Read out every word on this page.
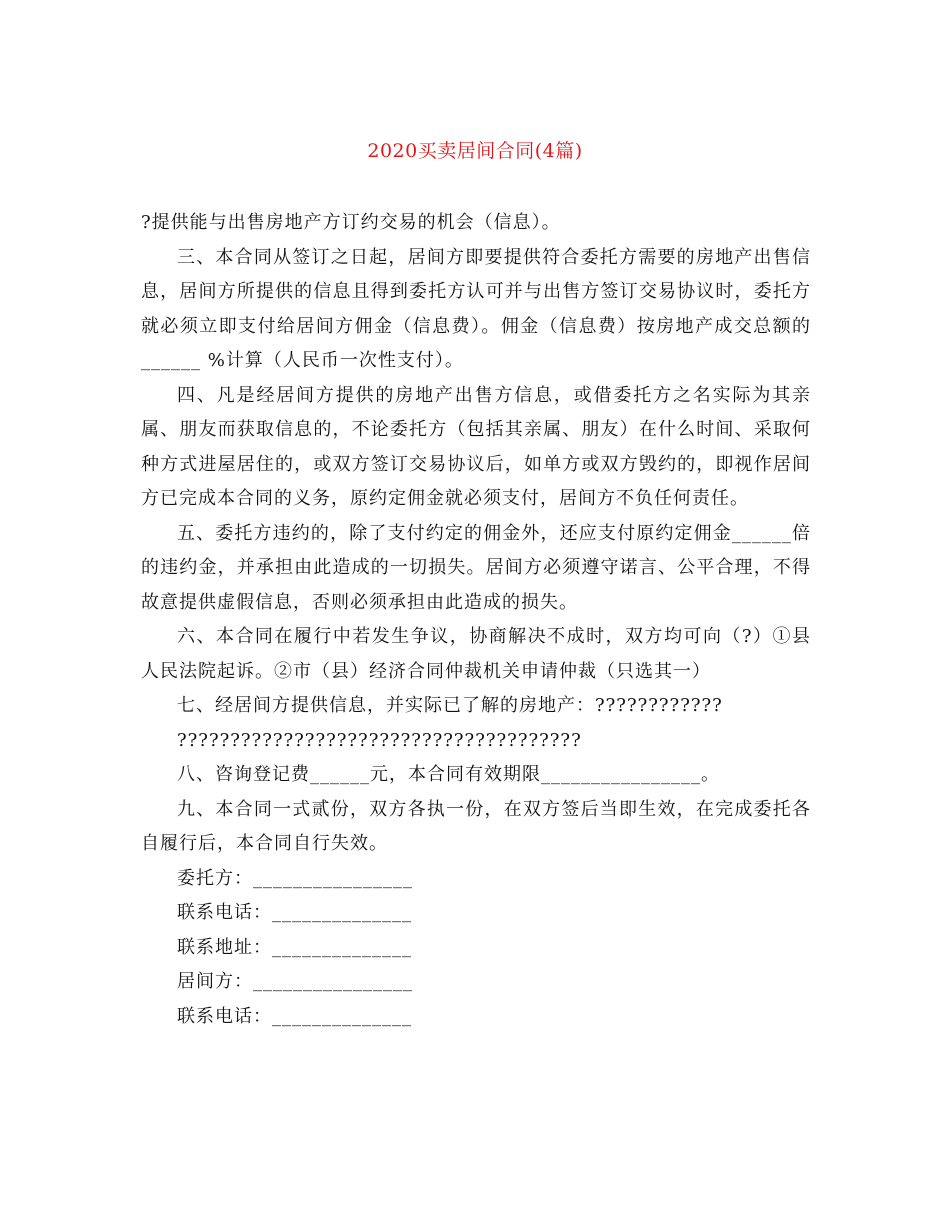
2020买卖居间合同(4篇)

?提供能与出售房地产方订约交易的机会（信息）。

三、本合同从签订之日起，居间方即要提供符合委托方需要的房地产出售信息，居间方所提供的信息且得到委托方认可并与出售方签订交易协议时，委托方就必须立即支付给居间方佣金（信息费）。佣金（信息费）按房地产成交总额的______ %计算（人民币一次性支付）。

四、凡是经居间方提供的房地产出售方信息，或借委托方之名实际为其亲属、朋友而获取信息的，不论委托方（包括其亲属、朋友）在什么时间、采取何种方式进屋居住的，或双方签订交易协议后，如单方或双方毁约的，即视作居间方已完成本合同的义务，原约定佣金就必须支付，居间方不负任何责任。

五、委托方违约的，除了支付约定的佣金外，还应支付原约定佣金______倍的违约金，并承担由此造成的一切损失。居间方必须遵守诺言、公平合理，不得故意提供虚假信息，否则必须承担由此造成的损失。

六、本合同在履行中若发生争议，协商解决不成时，双方均可向（?）①县人民法院起诉。②市（县）经济合同仲裁机关申请仲裁（只选其一）

七、经居间方提供信息，并实际已了解的房地产：????????????
??????????????????????????????????????

八、咨询登记费______元，本合同有效期限________________。

九、本合同一式贰份，双方各执一份，在双方签后当即生效，在完成委托各自履行后，本合同自行失效。

委托方：________________

联系电话：______________

联系地址：______________

居间方：________________

联系电话：______________
